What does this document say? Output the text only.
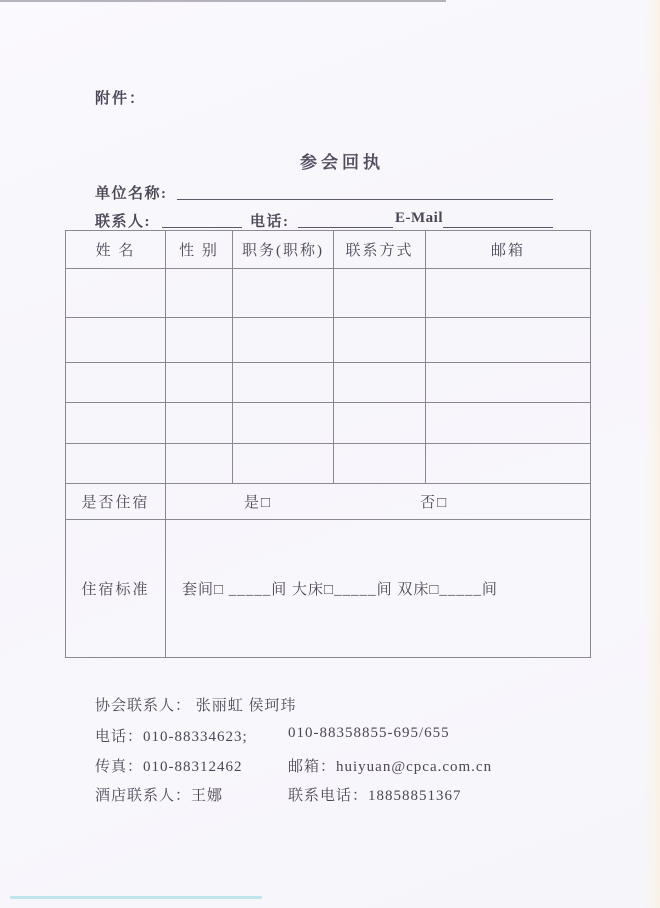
附件：
参会回执
单位名称:
联系人:	电话:	E-Mail
姓 名	性 别	职务(职称)	联系方式	邮箱

是否住宿	是□ 否□			

住宿标准	套间□ _____间 大床□_____间 双床□_____间			
协会联系人： 张丽虹 侯珂玮
电话：010-88334623;	010-88358855-695/655
传真：010-88312462	邮箱：huiyuan@cpca.com.cn
酒店联系人：王娜	联系电话：18858851367
